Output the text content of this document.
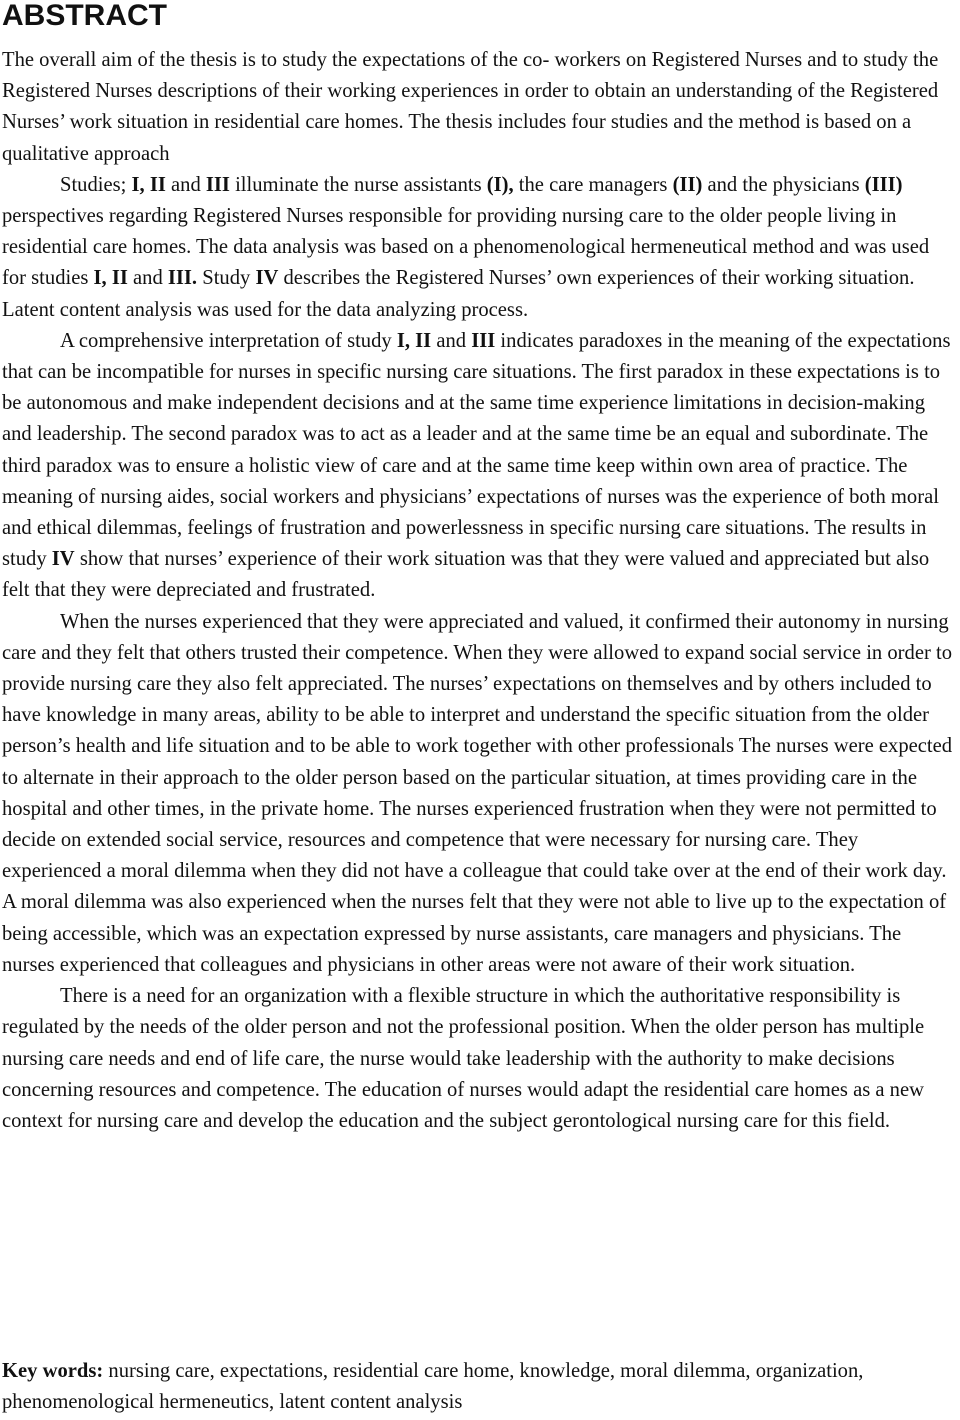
ABSTRACT

The overall aim of the thesis is to study the expectations of the co- workers on Registered Nurses and to study the Registered Nurses descriptions of their working experiences in order to obtain an understanding of the Registered Nurses’ work situation in residential care homes. The thesis includes four studies and the method is based on a qualitative approach

Studies; I, II and III illuminate the nurse assistants (I), the care managers (II) and the physicians (III) perspectives regarding Registered Nurses responsible for providing nursing care to the older people living in residential care homes. The data analysis was based on a phenomenological hermeneutical method and was used for studies I, II and III. Study IV describes the Registered Nurses’ own experiences of their working situation. Latent content analysis was used for the data analyzing process.

A comprehensive interpretation of study I, II and III indicates paradoxes in the meaning of the expectations that can be incompatible for nurses in specific nursing care situations. The first paradox in these expectations is to be autonomous and make independent decisions and at the same time experience limitations in decision-making and leadership. The second paradox was to act as a leader and at the same time be an equal and subordinate. The third paradox was to ensure a holistic view of care and at the same time keep within own area of practice. The meaning of nursing aides, social workers and physicians’ expectations of nurses was the experience of both moral and ethical dilemmas, feelings of frustration and powerlessness in specific nursing care situations. The results in study IV show that nurses’ experience of their work situation was that they were valued and appreciated but also felt that they were depreciated and frustrated.

When the nurses experienced that they were appreciated and valued, it confirmed their autonomy in nursing care and they felt that others trusted their competence. When they were allowed to expand social service in order to provide nursing care they also felt appreciated. The nurses’ expectations on themselves and by others included to have knowledge in many areas, ability to be able to interpret and understand the specific situation from the older person’s health and life situation and to be able to work together with other professionals The nurses were expected to alternate in their approach to the older person based on the particular situation, at times providing care in the hospital and other times, in the private home. The nurses experienced frustration when they were not permitted to decide on extended social service, resources and competence that were necessary for nursing care. They experienced a moral dilemma when they did not have a colleague that could take over at the end of their work day. A moral dilemma was also experienced when the nurses felt that they were not able to live up to the expectation of being accessible, which was an expectation expressed by nurse assistants, care managers and physicians. The nurses experienced that colleagues and physicians in other areas were not aware of their work situation.

There is a need for an organization with a flexible structure in which the authoritative responsibility is regulated by the needs of the older person and not the professional position. When the older person has multiple nursing care needs and end of life care, the nurse would take leadership with the authority to make decisions concerning resources and competence. The education of nurses would adapt the residential care homes as a new context for nursing care and develop the education and the subject gerontological nursing care for this field.

Key words: nursing care, expectations, residential care home, knowledge, moral dilemma, organization, phenomenological hermeneutics, latent content analysis
